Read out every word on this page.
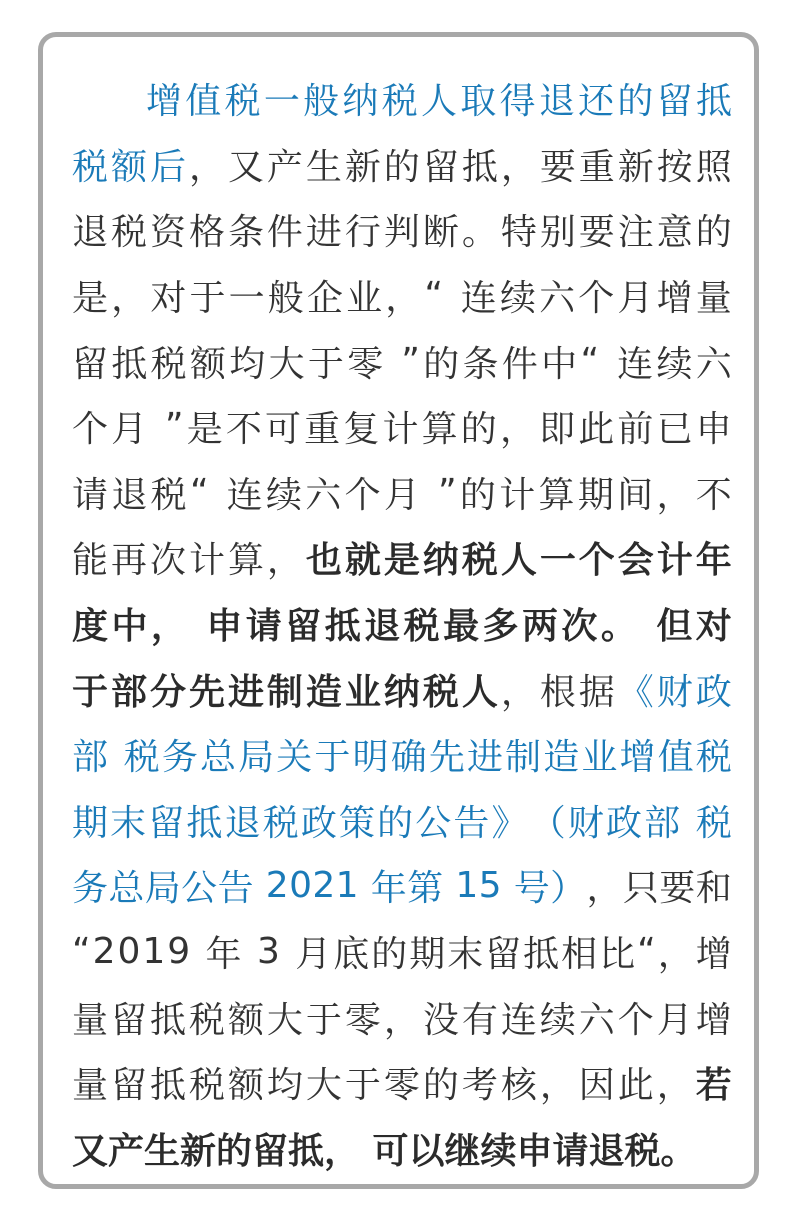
增 值 税 一 般 纳 税 人 取 得 退 还 的 留 抵
税 额 后 ， 又 产 生 新 的 留 抵 ， 要 重 新 按 照
退 税 资 格 条 件 进 行 判 断 。 特 别 要 注 意 的
是 ， 对 于 一 般 企 业 ， “
连 续 六 个 月 增 量
留 抵 税 额 均 大 于 零
” 的 条 件 中 “
连 续 六
个 月
” 是 不 可 重 复 计 算 的 ， 即 此 前 已 申
请 退 税 “
连 续 六 个 月
” 的 计 算 期 间 ， 不
能 再 次 计 算 ， 也 就 是 纳 税 人 一 个 会 计 年
度 中 ，
申 请 留 抵 退 税 最 多 两 次 。
但 对
于 部 分 先 进 制 造 业 纳 税 人 ， 根 据 《 财 政
部
税 务 总 局 关 于 明 确 先 进 制 造 业 增 值 税
期 末 留 抵 退 税 政 策 的 公 告 》 （ 财 政 部
税
务 总 局 公 告
2 0 2 1
年 第
1 5
号 ） ， 只 要 和
“ 2 0 1 9
年
3
月 底 的 期 末 留 抵 相 比 “ ， 增
量 留 抵 税 额 大 于 零 ， 没 有 连 续 六 个 月 增
量 留 抵 税 额 均 大 于 零 的 考 核 ， 因 此 ， 若
又产生新的留抵， 可以继续申请退税。
